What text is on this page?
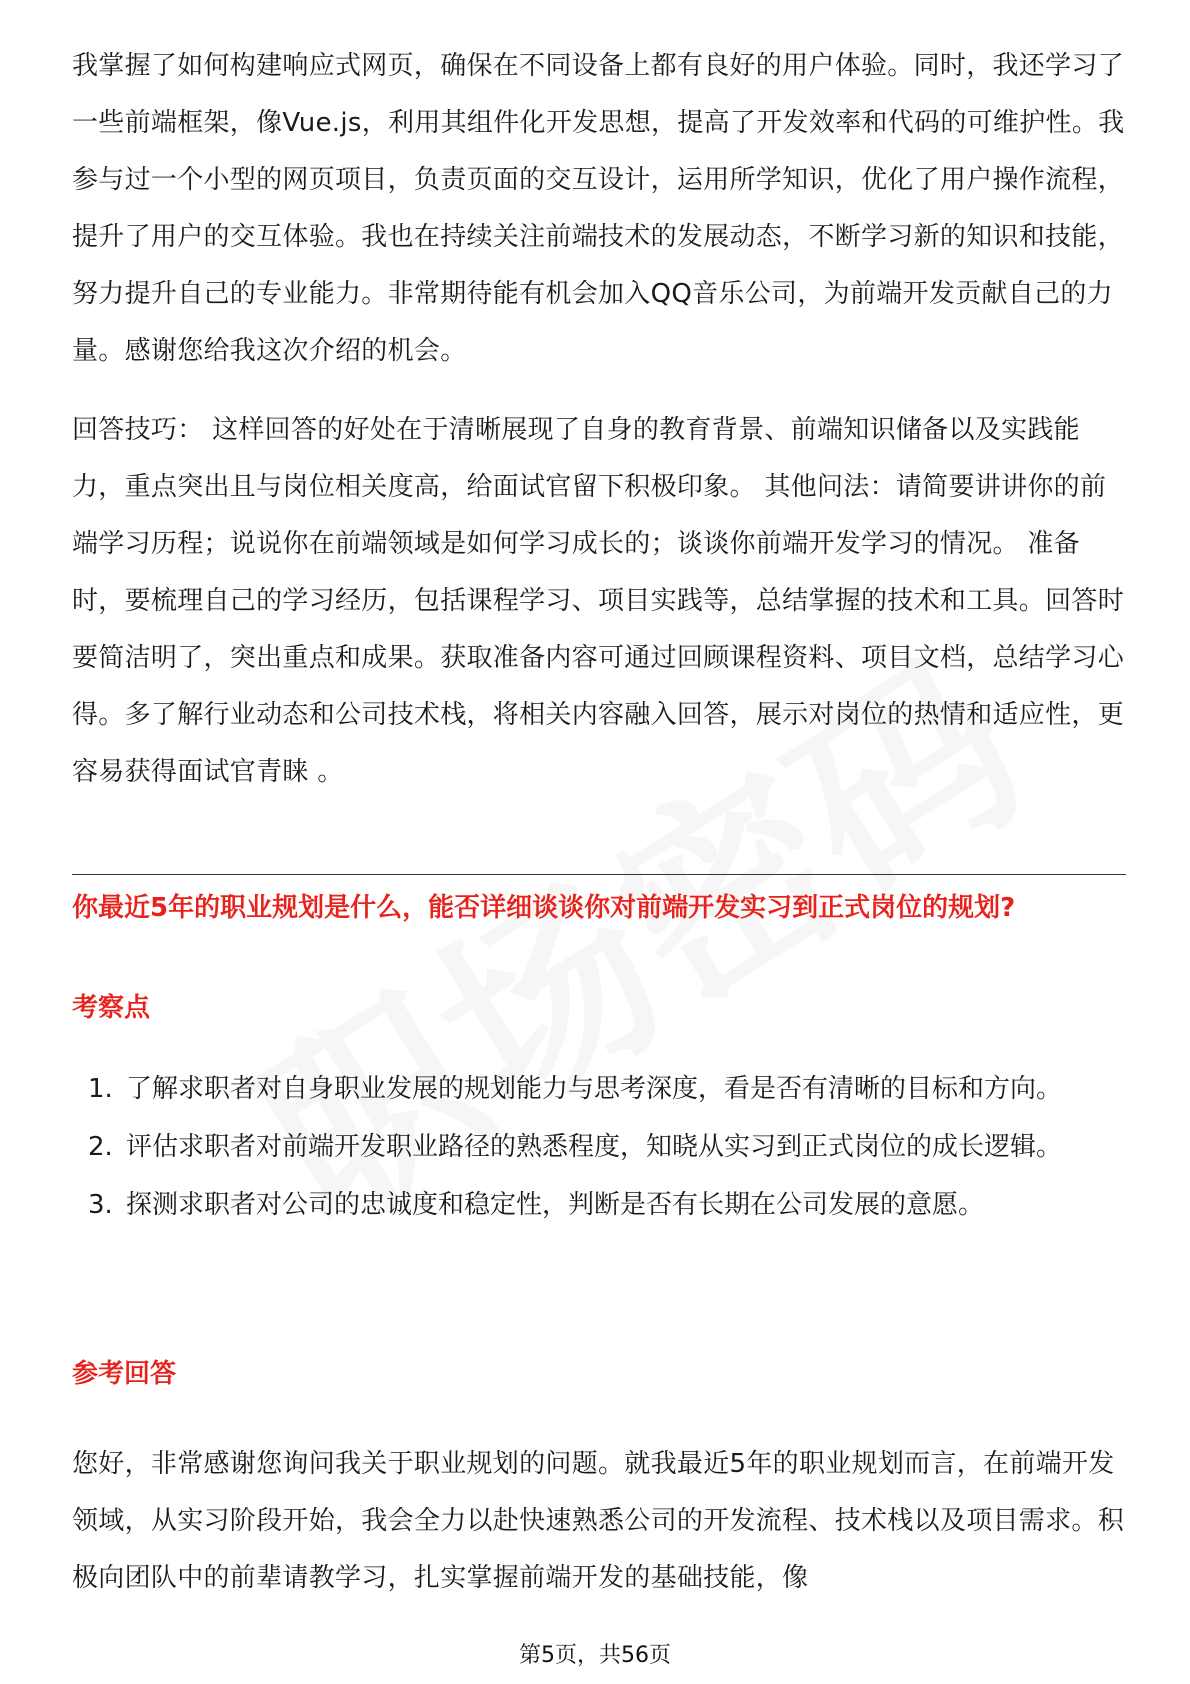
我掌握了如何构建响应式网页，确保在不同设备上都有良好的用户体验。同时，我还学习了一些前端框架，像Vue.js，利用其组件化开发思想，提高了开发效率和代码的可维护性。我参与过一个小型的网页项目，负责页面的交互设计，运用所学知识，优化了用户操作流程，提升了用户的交互体验。我也在持续关注前端技术的发展动态，不断学习新的知识和技能，努力提升自己的专业能力。非常期待能有机会加入QQ音乐公司，为前端开发贡献自己的力量。感谢您给我这次介绍的机会。

回答技巧： 这样回答的好处在于清晰展现了自身的教育背景、前端知识储备以及实践能力，重点突出且与岗位相关度高，给面试官留下积极印象。 其他问法：请简要讲讲你的前端学习历程；说说你在前端领域是如何学习成长的；谈谈你前端开发学习的情况。 准备时，要梳理自己的学习经历，包括课程学习、项目实践等，总结掌握的技术和工具。回答时要简洁明了，突出重点和成果。获取准备内容可通过回顾课程资料、项目文档，总结学习心得。多了解行业动态和公司技术栈，将相关内容融入回答，展示对岗位的热情和适应性，更容易获得面试官青睐 。

你最近5年的职业规划是什么，能否详细谈谈你对前端开发实习到正式岗位的规划?

考察点

1. 了解求职者对自身职业发展的规划能力与思考深度，看是否有清晰的目标和方向。
2. 评估求职者对前端开发职业路径的熟悉程度，知晓从实习到正式岗位的成长逻辑。
3. 探测求职者对公司的忠诚度和稳定性，判断是否有长期在公司发展的意愿。

参考回答

您好，非常感谢您询问我关于职业规划的问题。就我最近5年的职业规划而言，在前端开发领域，从实习阶段开始，我会全力以赴快速熟悉公司的开发流程、技术栈以及项目需求。积极向团队中的前辈请教学习，扎实掌握前端开发的基础技能，像

第5页，共56页
